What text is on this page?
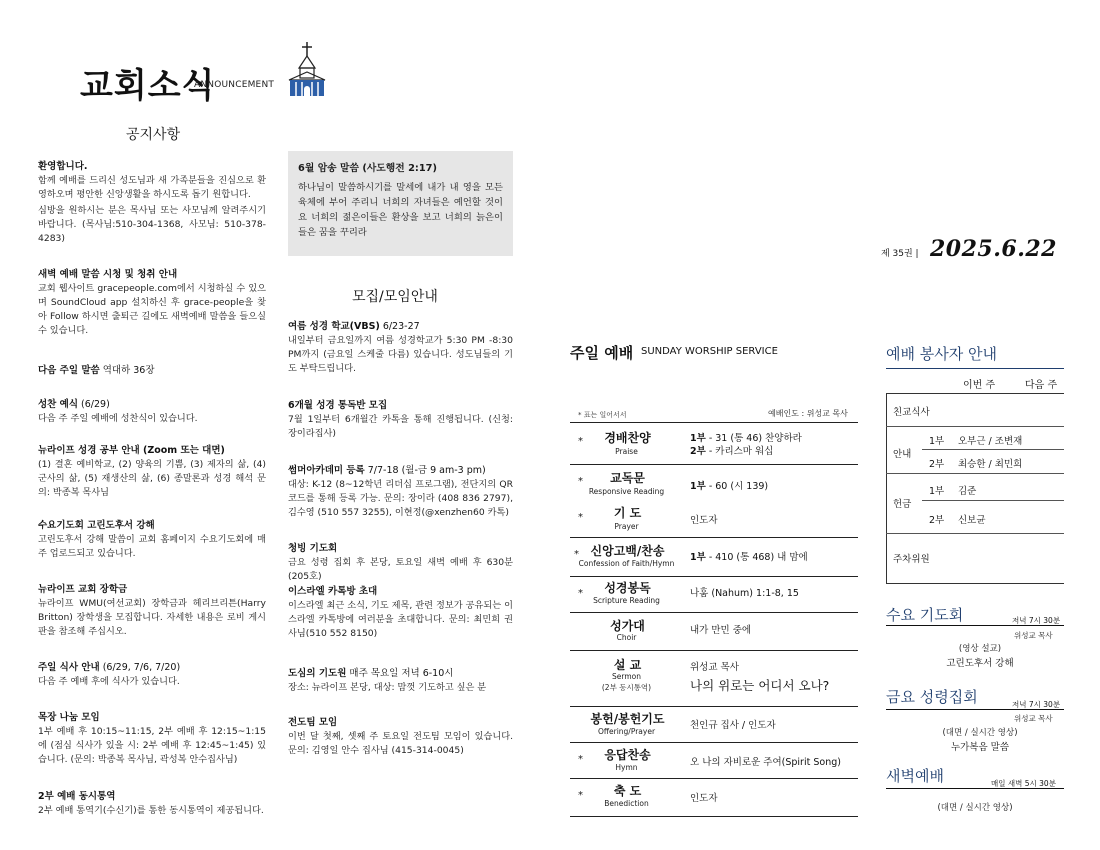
교회소식
ANNOUNCEMENT
공지사항
환영합니다.

함께 예배를 드리신 성도님과 새 가족분들을 진심으로 환영하오며 평안한 신앙생활을 하시도록 돕기 원합니다.

심방을 원하시는 분은 목사님 또는 사모님께 알려주시기 바랍니다. (목사님:510-304-1368, 사모님: 510-378-4283)

새벽 예배 말씀 시청 및 청취 안내

교회 웹사이트 gracepeople.com에서 시청하실 수 있으며 SoundCloud app 설치하신 후 grace-people을 찾아 Follow 하시면 출퇴근 길에도 새벽예배 말씀을 들으실 수 있습니다.

다음 주일 말씀 역대하 36장
성찬 예식 (6/29)

다음 주 주일 예배에 성찬식이 있습니다.

뉴라이프 성경 공부 안내 (Zoom 또는 대면)

(1) 결혼 예비학교, (2) 양육의 기쁨, (3) 제자의 삶, (4) 군사의 삶, (5) 재생산의 삶, (6) 종말론과 성경 해석 문의: 박종복 목사님

수요기도회 고린도후서 강해

고린도후서 강해 말씀이 교회 홈페이지 수요기도회에 매주 업로드되고 있습니다.

뉴라이프 교회 장학금

뉴라이프 WMU(여선교회) 장학금과 헤리브리튼(Harry Britton) 장학생을 모집합니다. 자세한 내용은 로비 게시판을 참조해 주십시오.

주일 식사 안내 (6/29, 7/6, 7/20)

다음 주 예배 후에 식사가 있습니다.

목장 나눔 모임

1부 예배 후 10:15~11:15, 2부 예배 후 12:15~1:15에 (점심 식사가 있을 시: 2부 예배 후 12:45~1:45) 있습니다. (문의: 박종복 목사님, 곽성복 안수집사님)

2부 예배 동시통역

2부 예배 통역기(수신기)를 통한 동시통역이 제공됩니다.

6월 암송 말씀 (사도행전 2:17)

하나님이 말씀하시기를 말세에 내가 내 영을 모든 육체에 부어 주리니 너희의 자녀들은 예언할 것이요 너희의 젊은이들은 환상을 보고 너희의 늙은이들은 꿈을 꾸리라

모집/모임안내
여름 성경 학교(VBS) 6/23-27

내일부터 금요일까지 여름 성경학교가 5:30 PM -8:30 PM까지 (금요일 스케줄 다름) 있습니다. 성도님들의 기도 부탁드립니다.

6개월 성경 통독반 모집

7월 1일부터 6개월간 카톡을 통해 진행됩니다. (신청: 장이라집사)

썸머아카데미 등록 7/7-18 (월-금 9 am-3 pm)

대상: K-12 (8~12학년 리더십 프로그램), 전단지의 QR코드를 통해 등록 가능. 문의: 장이라 (408 836 2797), 김수영 (510 557 3255), 이현정(@xenzhen60 카톡)

청빙 기도회

금요 성령 집회 후 본당, 토요일 새벽 예배 후 630분 (205호)

이스라엘 카톡방 초대

이스라엘 최근 소식, 기도 제목, 관련 정보가 공유되는 이스라엘 카톡방에 여러분을 초대합니다. 문의: 최민희 권사님(510 552 8150)

도심의 기도원 매주 목요일 저녁 6-10시

장소: 뉴라이프 본당, 대상: 맘껏 기도하고 싶은 분

전도팀 모임

이번 달 첫째, 셋째 주 토요일 전도팀 모임이 있습니다. 문의: 김영일 안수 집사님 (415-314-0045)

제 35권 | 2025.6.22
주일 예배 SUNDAY WORSHIP SERVICE
* 표는 일어서서	예배인도 : 위성교 목사
*	경배찬양
Praise
1부 - 31 (통 46) 찬양하라
2부 - 카리스마 워십
*	교독문
Responsive Reading	1부 - 60 (시 139)
*	기 도
Prayer
인도자
* 신앙고백/찬송
Confession of Faith/Hymn
1부 - 410 (통 468) 내 맘에
*	성경봉독
Scripture Reading
나훔 (Nahum) 1:1-8, 15
성가대
Choir
내가 만민 중에
설 교
Sermon
(2부 동시통역)
위성교 목사
나의 위로는 어디서 오나?
봉헌/봉헌기도
Offering/Prayer
천인규 집사 / 인도자
*	응답찬송
Hymn	오 나의 자비로운 주여(Spirit Song)
*	축 도
Benediction	인도자
예배 봉사자 안내
이번 주	다음 주
친교식사
안내
1부 오부근 / 조변재
2부 최승한 / 최민희
헌금
1부 김준
2부 신보균
주차위원
수요 기도회	저녁 7시 30분
위성교 목사
(영상 설교)
고린도후서 강해
금요 성령집회	저녁 7시 30분
위성교 목사
(대면 / 실시간 영상)
누가복음 말씀
새벽예배	매일 새벽 5시 30분
(대면 / 실시간 영상)
